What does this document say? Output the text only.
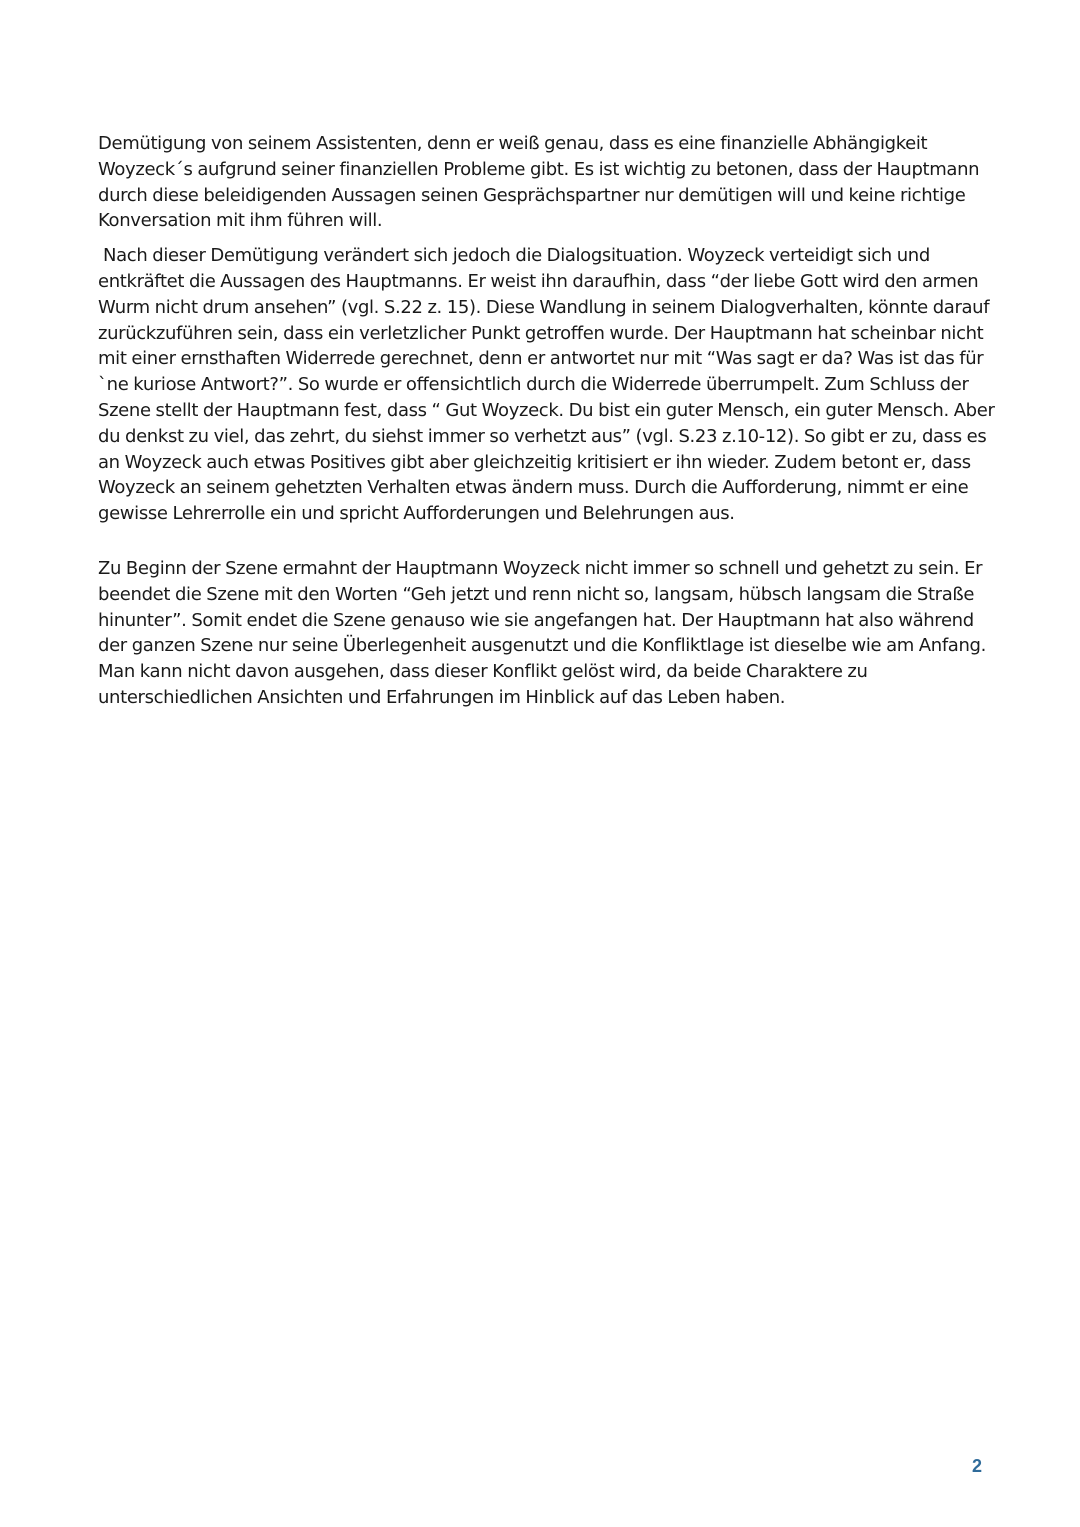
Demütigung von seinem Assistenten, denn er weiß genau, dass es eine finanzielle Abhängigkeit Woyzeck´s aufgrund seiner finanziellen Probleme gibt. Es ist wichtig zu betonen, dass der Hauptmann durch diese beleidigenden Aussagen seinen Gesprächspartner nur demütigen will und keine richtige Konversation mit ihm führen will.

Nach dieser Demütigung verändert sich jedoch die Dialogsituation. Woyzeck verteidigt sich und entkräftet die Aussagen des Hauptmanns. Er weist ihn daraufhin, dass “der liebe Gott wird den armen Wurm nicht drum ansehen” (vgl. S.22 z. 15). Diese Wandlung in seinem Dialogverhalten, könnte darauf zurückzuführen sein, dass ein verletzlicher Punkt getroffen wurde. Der Hauptmann hat scheinbar nicht mit einer ernsthaften Widerrede gerechnet, denn er antwortet nur mit “Was sagt er da? Was ist das für `ne kuriose Antwort?”. So wurde er offensichtlich durch die Widerrede überrumpelt. Zum Schluss der Szene stellt der Hauptmann fest, dass “ Gut Woyzeck. Du bist ein guter Mensch, ein guter Mensch. Aber du denkst zu viel, das zehrt, du siehst immer so verhetzt aus” (vgl. S.23 z.10-12). So gibt er zu, dass es an Woyzeck auch etwas Positives gibt aber gleichzeitig kritisiert er ihn wieder. Zudem betont er, dass Woyzeck an seinem gehetzten Verhalten etwas ändern muss. Durch die Aufforderung, nimmt er eine gewisse Lehrerrolle ein und spricht Aufforderungen und Belehrungen aus.

Zu Beginn der Szene ermahnt der Hauptmann Woyzeck nicht immer so schnell und gehetzt zu sein. Er beendet die Szene mit den Worten “Geh jetzt und renn nicht so, langsam, hübsch langsam die Straße hinunter”. Somit endet die Szene genauso wie sie angefangen hat. Der Hauptmann hat also während der ganzen Szene nur seine Überlegenheit ausgenutzt und die Konfliktlage ist dieselbe wie am Anfang. Man kann nicht davon ausgehen, dass dieser Konflikt gelöst wird, da beide Charaktere zu unterschiedlichen Ansichten und Erfahrungen im Hinblick auf das Leben haben.

2
